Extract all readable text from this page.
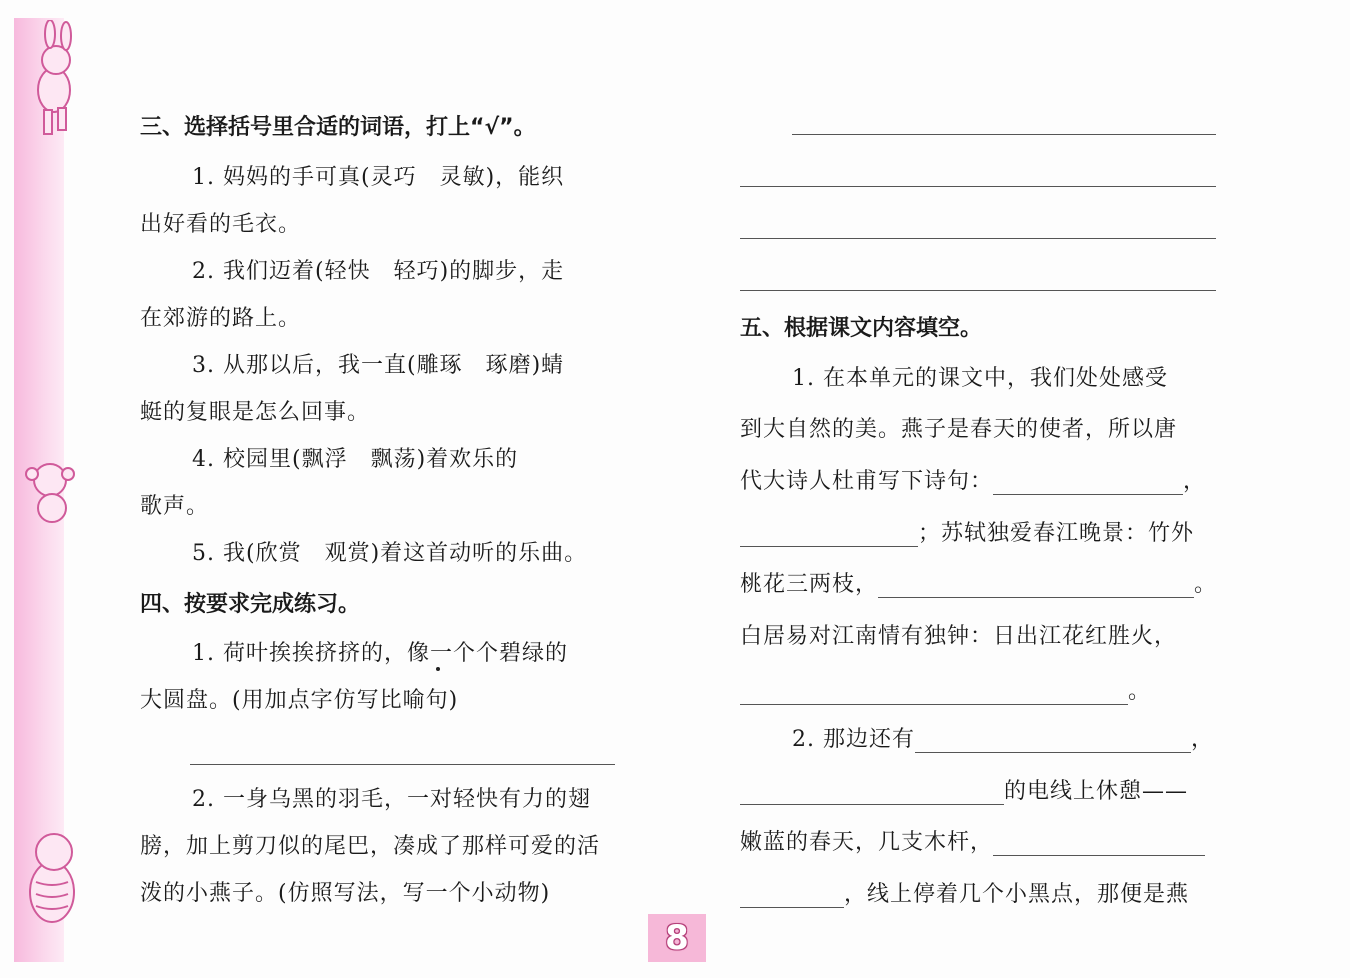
三、选择括号里合适的词语，打上“√”。
1. 妈妈的手可真(灵巧　灵敏)，能织
出好看的毛衣。
2. 我们迈着(轻快　轻巧)的脚步，走
在郊游的路上。
3. 从那以后，我一直(雕琢　琢磨)蜻
蜓的复眼是怎么回事。
4. 校园里(飘浮　飘荡)着欢乐的
歌声。
5. 我(欣赏　观赏)着这首动听的乐曲。
四、按要求完成练习。
1. 荷叶挨挨挤挤的，像一个个碧绿的
大圆盘。(用加点字仿写比喻句)
2. 一身乌黑的羽毛，一对轻快有力的翅
膀，加上剪刀似的尾巴，凑成了那样可爱的活
泼的小燕子。(仿照写法，写一个小动物)
五、根据课文内容填空。
1. 在本单元的课文中，我们处处感受
到大自然的美。燕子是春天的使者，所以唐
代大诗人杜甫写下诗句：	，
；苏轼独爱春江晚景：竹外
桃花三两枝，	。
白居易对江南情有独钟：日出江花红胜火，
。
2. 那边还有	，
的电线上休憩——
嫩蓝的春天，几支木杆，
，线上停着几个小黑点，那便是燕
8
